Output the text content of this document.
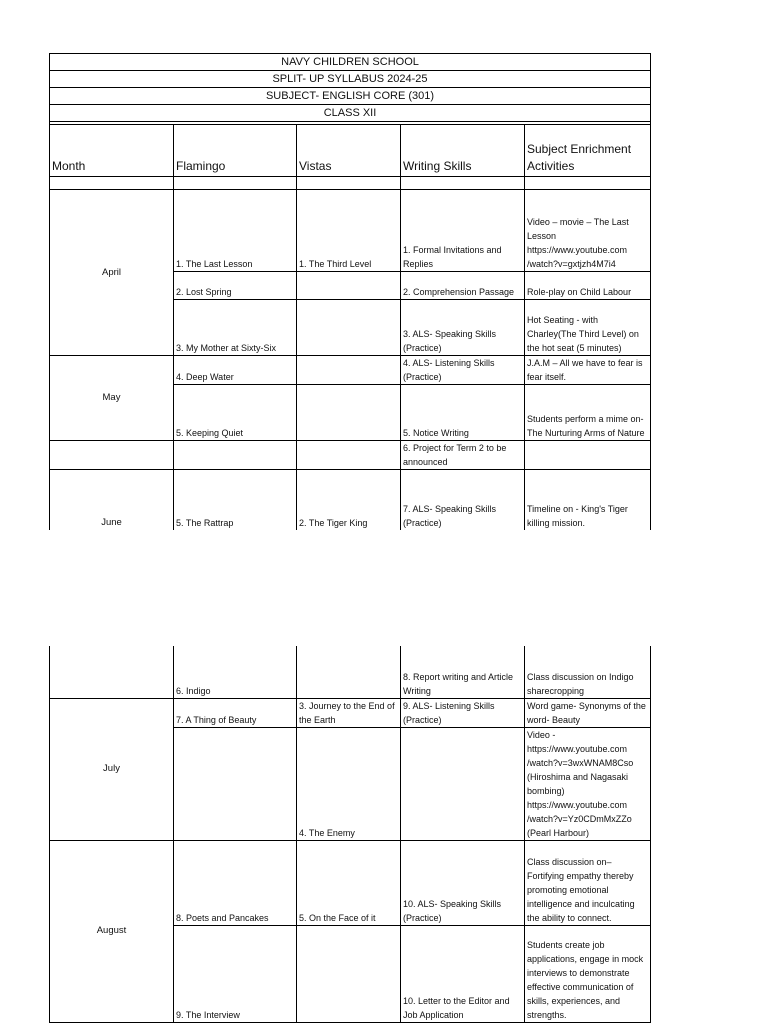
NAVY CHILDREN SCHOOL				
SPLIT- UP SYLLABUS 2024-25				
SUBJECT- ENGLISH CORE (301)				
CLASS XII				

Month	Flamingo	Vistas	Writing Skills	Subject Enrichment Activities

April	1. The Last Lesson	1. The Third Level	1. Formal Invitations and Replies	Video – movie – The Last Lesson https://www.youtube.com /watch?v=gxtjzh4M7i4
	2. Lost Spring		2. Comprehension Passage	Role-play on Child Labour
	3. My Mother at Sixty-Six		3. ALS- Speaking Skills (Practice)	Hot Seating - with Charley(The Third Level) on the hot seat (5 minutes)
May	4. Deep Water		4. ALS- Listening Skills (Practice)	J.A.M – All we have to fear is fear itself.
	5. Keeping Quiet		5. Notice Writing	Students perform a mime on- The Nurturing Arms of Nature
			6. Project for Term 2 to be announced	
June	5. The Rattrap	2. The Tiger King	7. ALS- Speaking Skills (Practice)	Timeline on - King's Tiger killing mission.
	6. Indigo		8. Report writing and Article Writing	Class discussion on Indigo sharecropping
July	7. A Thing of Beauty	3. Journey to the End of the Earth	9. ALS- Listening Skills (Practice)	Word game- Synonyms of the word- Beauty
		4. The Enemy		Video - https://www.youtube.com /watch?v=3wxWNAM8Cso (Hiroshima and Nagasaki bombing) https://www.youtube.com /watch?v=Yz0CDmMxZZo (Pearl Harbour)
August	8. Poets and Pancakes	5. On the Face of it	10. ALS- Speaking Skills (Practice)	Class discussion on– Fortifying empathy thereby promoting emotional intelligence and inculcating the ability to connect.
	9. The Interview		10. Letter to the Editor and Job Application	Students create job applications, engage in mock interviews to demonstrate effective communication of skills, experiences, and strengths.
